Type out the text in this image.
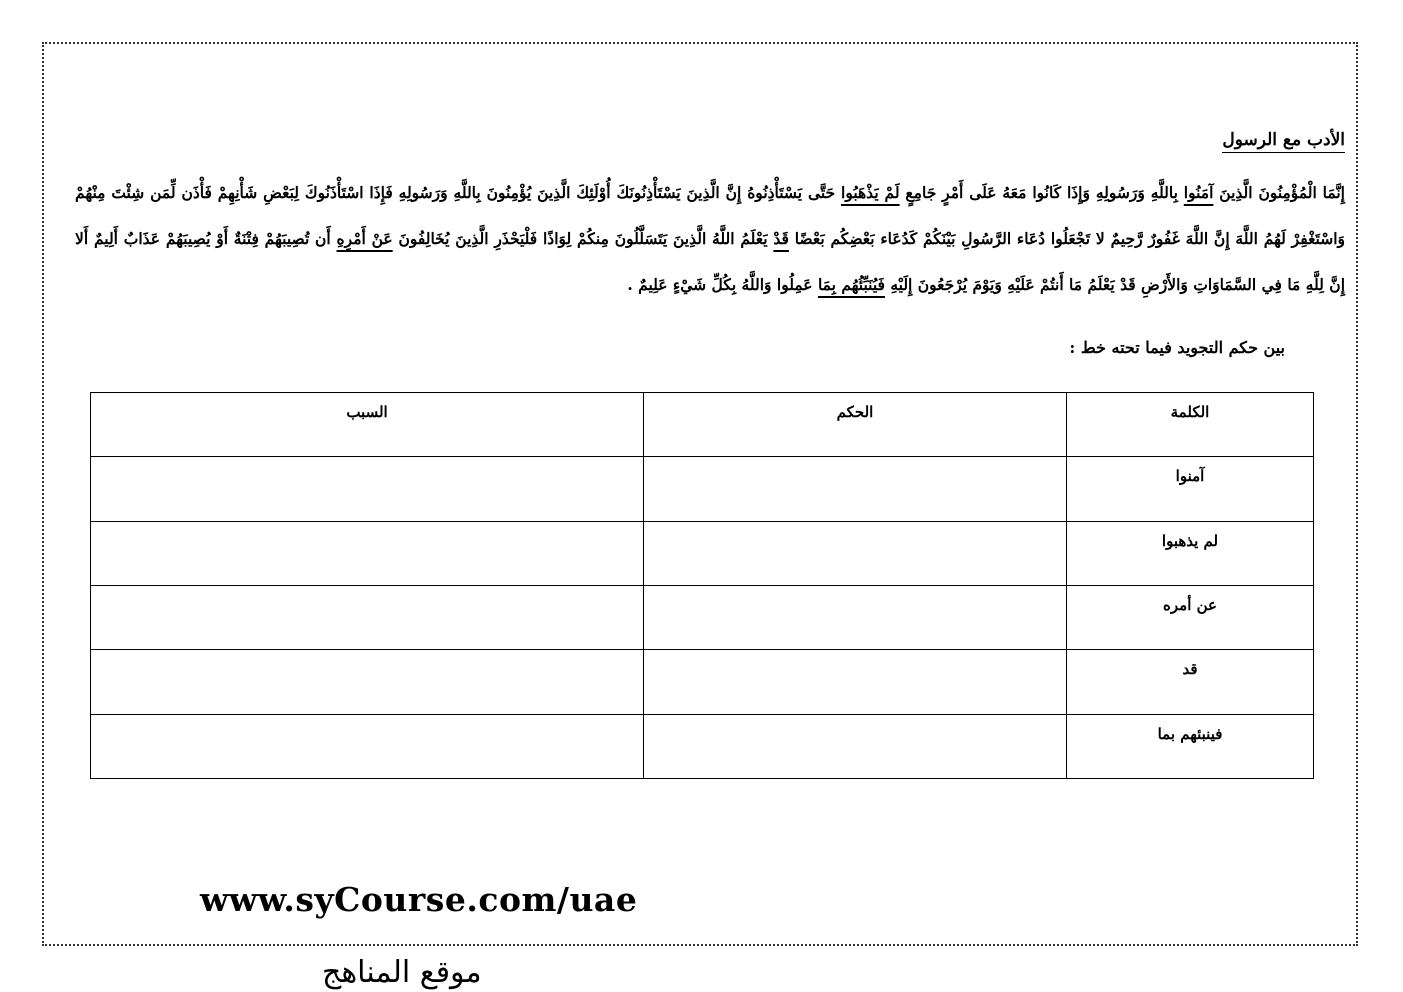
الأدب مع الرسول
إِنَّمَا الْمُؤْمِنُونَ الَّذِينَ آمَنُوا بِاللَّهِ وَرَسُولِهِ وَإِذَا كَانُوا مَعَهُ عَلَى أَمْرٍ جَامِعٍ لَمْ يَذْهَبُوا حَتَّى يَسْتَأْذِنُوهُ إِنَّ الَّذِينَ يَسْتَأْذِنُونَكَ أُوْلَئِكَ الَّذِينَ يُؤْمِنُونَ بِاللَّهِ وَرَسُولِهِ فَإِذَا اسْتَأْذَنُوكَ لِبَعْضِ شَأْنِهِمْ فَأْذَن لِّمَن شِئْتَ مِنْهُمْ وَاسْتَغْفِرْ لَهُمُ اللَّهَ إِنَّ اللَّهَ غَفُورٌ رَّحِيمٌ لا تَجْعَلُوا دُعَاء الرَّسُولِ بَيْنَكُمْ كَدُعَاء بَعْضِكُم بَعْضًا قَدْ يَعْلَمُ اللَّهُ الَّذِينَ يَتَسَلَّلُونَ مِنكُمْ لِوَاذًا فَلْيَحْذَرِ الَّذِينَ يُخَالِفُونَ عَنْ أَمْرِهِ أَن تُصِيبَهُمْ فِتْنَةٌ أَوْ يُصِيبَهُمْ عَذَابٌ أَلِيمٌ أَلا إِنَّ لِلَّهِ مَا فِي السَّمَاوَاتِ وَالأَرْضِ قَدْ يَعْلَمُ مَا أَنتُمْ عَلَيْهِ وَيَوْمَ يُرْجَعُونَ إِلَيْهِ فَيُنَبِّئُهُم بِمَا عَمِلُوا وَاللَّهُ بِكُلِّ شَيْءٍ عَلِيمٌ .
بين حكم التجويد فيما تحته خط :
الكلمة	الحكم	السبب
آمنوا		
لم يذهبوا		
عن أمره		
قد		
فينبئهم بما		
www.syCourse.com/uae
موقع المناهج
